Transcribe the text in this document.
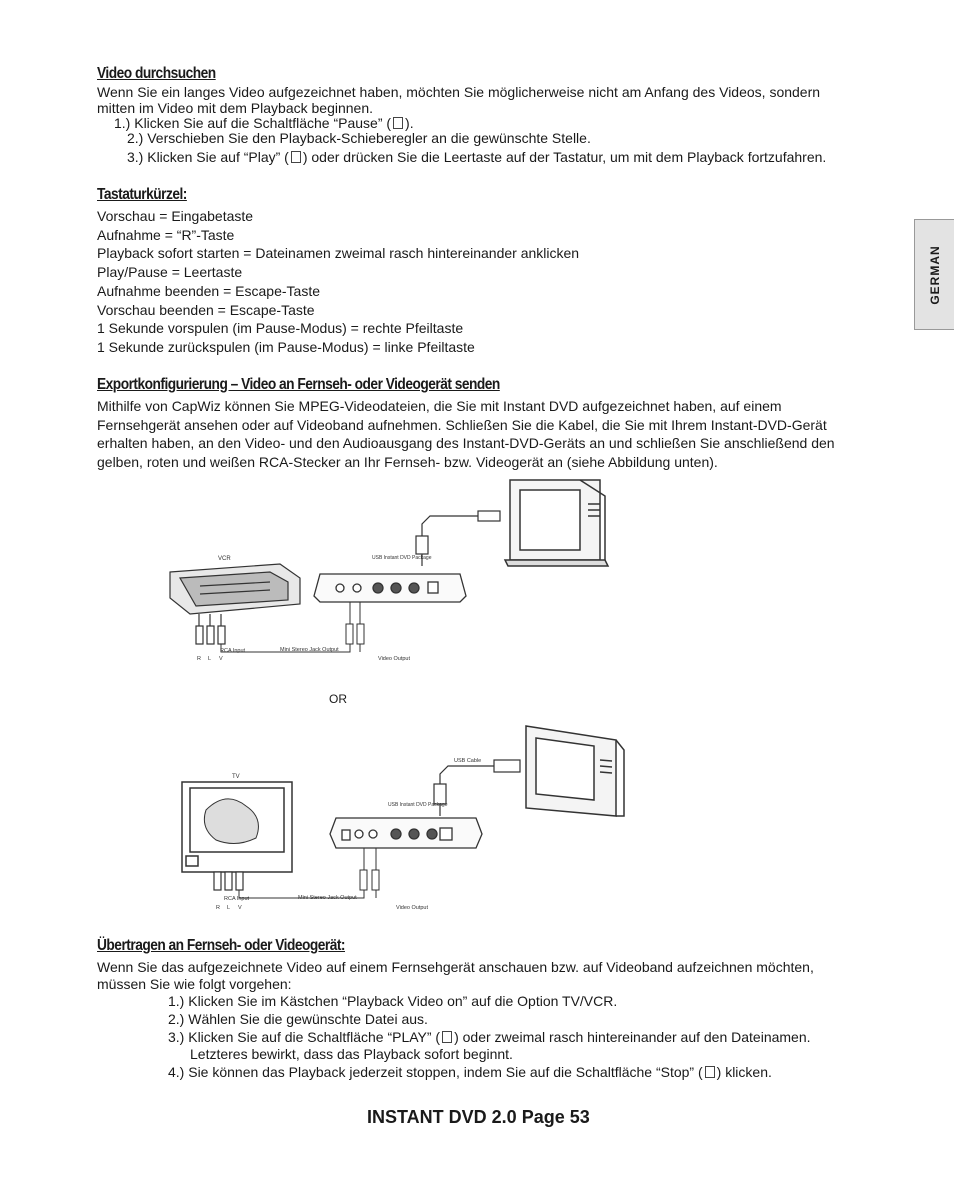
GERMAN
Video durchsuchen
Wenn Sie ein langes Video aufgezeichnet haben, möchten Sie möglicherweise nicht am Anfang des Videos, sondern
mitten im Video mit dem Playback beginnen.
1.) Klicken Sie auf die Schaltfläche “Pause” ( ).
2.) Verschieben Sie den Playback-Schieberegler an die gewünschte Stelle.
3.) Klicken Sie auf “Play” ( ) oder drücken Sie die Leertaste auf der Tastatur, um mit dem Playback fortzufahren.
Tastaturkürzel:
Vorschau = Eingabetaste
Aufnahme = “R”-Taste
Playback sofort starten = Dateinamen zweimal rasch hintereinander anklicken
Play/Pause = Leertaste
Aufnahme beenden = Escape-Taste
Vorschau beenden = Escape-Taste
1 Sekunde vorspulen (im Pause-Modus) = rechte Pfeiltaste
1 Sekunde zurückspulen (im Pause-Modus) = linke Pfeiltaste
Exportkonfigurierung – Video an Fernseh- oder Videogerät senden
Mithilfe von CapWiz können Sie MPEG-Videodateien, die Sie mit Instant DVD aufgezeichnet haben, auf einem
Fernsehgerät ansehen oder auf Videoband aufnehmen. Schließen Sie die Kabel, die Sie mit Ihrem Instant-DVD-Gerät
erhalten haben, an den Video- und den Audioausgang des Instant-DVD-Geräts an und schließen Sie anschließend den
gelben, roten und weißen RCA-Stecker an Ihr Fernseh- bzw. Videogerät an (siehe Abbildung unten).
USB Instant DVD Package
VCR
RCA Input	Mini Stereo Jack Output
Video Output
R L V
OR
USB Cable
USB Instant DVD Package
TV
RCA Input	Mini Stereo Jack Output
Video Output
R L V
Übertragen an Fernseh- oder Videogerät:
Wenn Sie das aufgezeichnete Video auf einem Fernsehgerät anschauen bzw. auf Videoband aufzeichnen möchten,
müssen Sie wie folgt vorgehen:
1.) Klicken Sie im Kästchen “Playback Video on” auf die Option TV/VCR.
2.) Wählen Sie die gewünschte Datei aus.
3.) Klicken Sie auf die Schaltfläche “PLAY” ( ) oder zweimal rasch hintereinander auf den Dateinamen.
Letzteres bewirkt, dass das Playback sofort beginnt.
4.) Sie können das Playback jederzeit stoppen, indem Sie auf die Schaltfläche “Stop” ( ) klicken.
INSTANT DVD 2.0 Page 53
